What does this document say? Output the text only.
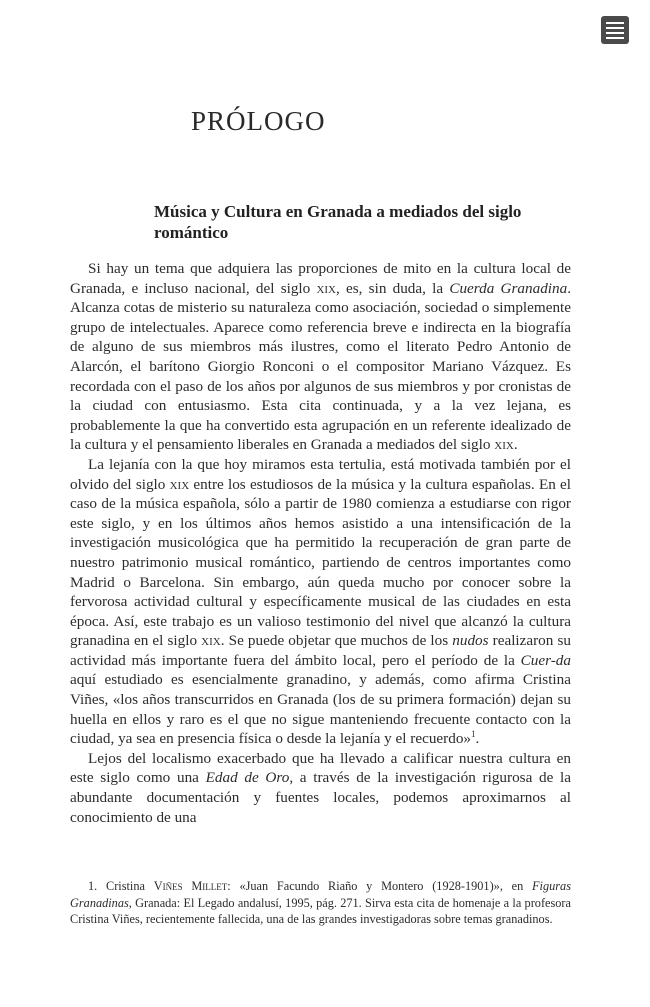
PRÓLOGO
Música y Cultura en Granada a mediados del siglo romántico

Si hay un tema que adquiera las proporciones de mito en la cultura local de Granada, e incluso nacional, del siglo xix, es, sin duda, la Cuerda Granadina. Alcanza cotas de misterio su naturaleza como asociación, sociedad o simplemente grupo de intelectuales. Aparece como referencia breve e indirecta en la biografía de alguno de sus miembros más ilustres, como el literato Pedro Antonio de Alarcón, el barítono Giorgio Ronconi o el compositor Mariano Vázquez. Es recordada con el paso de los años por algunos de sus miembros y por cronistas de la ciudad con entusiasmo. Esta cita continuada, y a la vez lejana, es probablemente la que ha convertido esta agrupación en un referente idealizado de la cultura y el pensamiento liberales en Granada a mediados del siglo xix.

La lejanía con la que hoy miramos esta tertulia, está motivada también por el olvido del siglo xix entre los estudiosos de la música y la cultura españolas. En el caso de la música española, sólo a partir de 1980 comienza a estudiarse con rigor este siglo, y en los últimos años hemos asistido a una intensificación de la investigación musicológica que ha permitido la recuperación de gran parte de nuestro patrimonio musical romántico, partiendo de centros importantes como Madrid o Barcelona. Sin embargo, aún queda mucho por conocer sobre la fervorosa actividad cultural y específicamente musical de las ciudades en esta época. Así, este trabajo es un valioso testimonio del nivel que alcanzó la cultura granadina en el siglo xix. Se puede objetar que muchos de los nudos realizaron su actividad más importante fuera del ámbito local, pero el período de la Cuer-da aquí estudiado es esencialmente granadino, y además, como afirma Cristina Viñes, «los años transcurridos en Granada (los de su primera formación) dejan su huella en ellos y raro es el que no sigue manteniendo frecuente contacto con la ciudad, ya sea en presencia física o desde la lejanía y el recuerdo»$^1$.

Lejos del localismo exacerbado que ha llevado a calificar nuestra cultura en este siglo como una Edad de Oro, a través de la investigación rigurosa de la abundante documentación y fuentes locales, podemos aproximarnos al conocimiento de una

1. Cristina Viñes Millet: «Juan Facundo Riaño y Montero (1928-1901)», en Figuras Granadinas, Granada: El Legado andalusí, 1995, pág. 271. Sirva esta cita de homenaje a la profesora Cristina Viñes, recientemente fallecida, una de las grandes investigadoras sobre temas granadinos.
